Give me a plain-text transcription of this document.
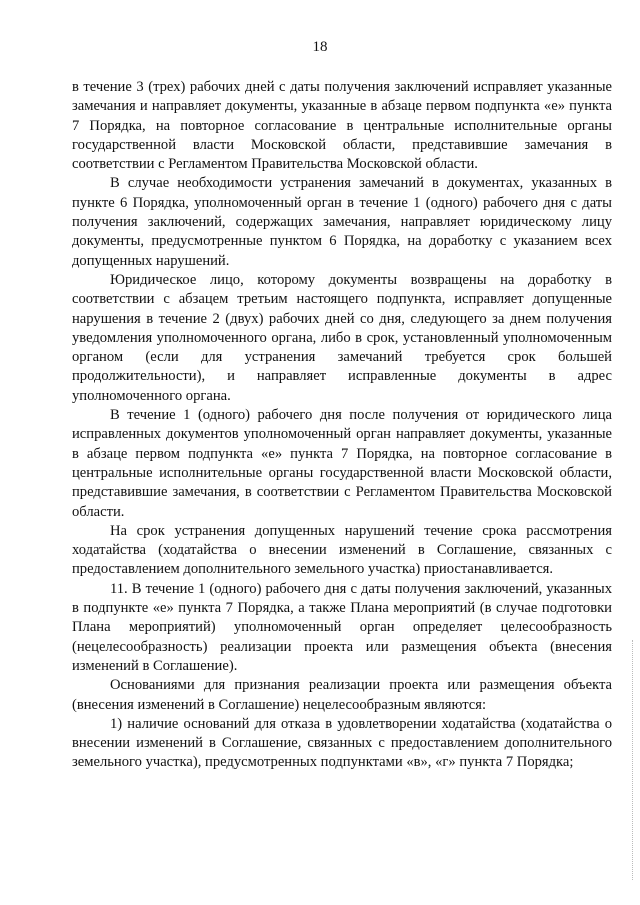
18

в течение 3 (трех) рабочих дней с даты получения заключений исправляет указанные замечания и направляет документы, указанные в абзаце первом подпункта «е» пункта 7 Порядка, на повторное согласование в центральные исполнительные органы государственной власти Московской области, представившие замечания в соответствии с Регламентом Правительства Московской области.

В случае необходимости устранения замечаний в документах, указанных в пункте 6 Порядка, уполномоченный орган в течение 1 (одного) рабочего дня с даты получения заключений, содержащих замечания, направляет юридическому лицу документы, предусмотренные пунктом 6 Порядка, на доработку с указанием всех допущенных нарушений.

Юридическое лицо, которому документы возвращены на доработку в соответствии с абзацем третьим настоящего подпункта, исправляет допущенные нарушения в течение 2 (двух) рабочих дней со дня, следующего за днем получения уведомления уполномоченного органа, либо в срок, установленный уполномоченным органом (если для устранения замечаний требуется срок большей продолжительности), и направляет исправленные документы в адрес уполномоченного органа.

В течение 1 (одного) рабочего дня после получения от юридического лица исправленных документов уполномоченный орган направляет документы, указанные в абзаце первом подпункта «е» пункта 7 Порядка, на повторное согласование в центральные исполнительные органы государственной власти Московской области, представившие замечания, в соответствии с Регламентом Правительства Московской области.

На срок устранения допущенных нарушений течение срока рассмотрения ходатайства (ходатайства о внесении изменений в Соглашение, связанных с предоставлением дополнительного земельного участка) приостанавливается.

11. В течение 1 (одного) рабочего дня с даты получения заключений, указанных в подпункте «е» пункта 7 Порядка, а также Плана мероприятий (в случае подготовки Плана мероприятий) уполномоченный орган определяет целесообразность (нецелесообразность) реализации проекта или размещения объекта (внесения изменений в Соглашение).

Основаниями для признания реализации проекта или размещения объекта (внесения изменений в Соглашение) нецелесообразным являются:

1) наличие оснований для отказа в удовлетворении ходатайства (ходатайства о внесении изменений в Соглашение, связанных с предоставлением дополнительного земельного участка), предусмотренных подпунктами «в», «г» пункта 7 Порядка;
